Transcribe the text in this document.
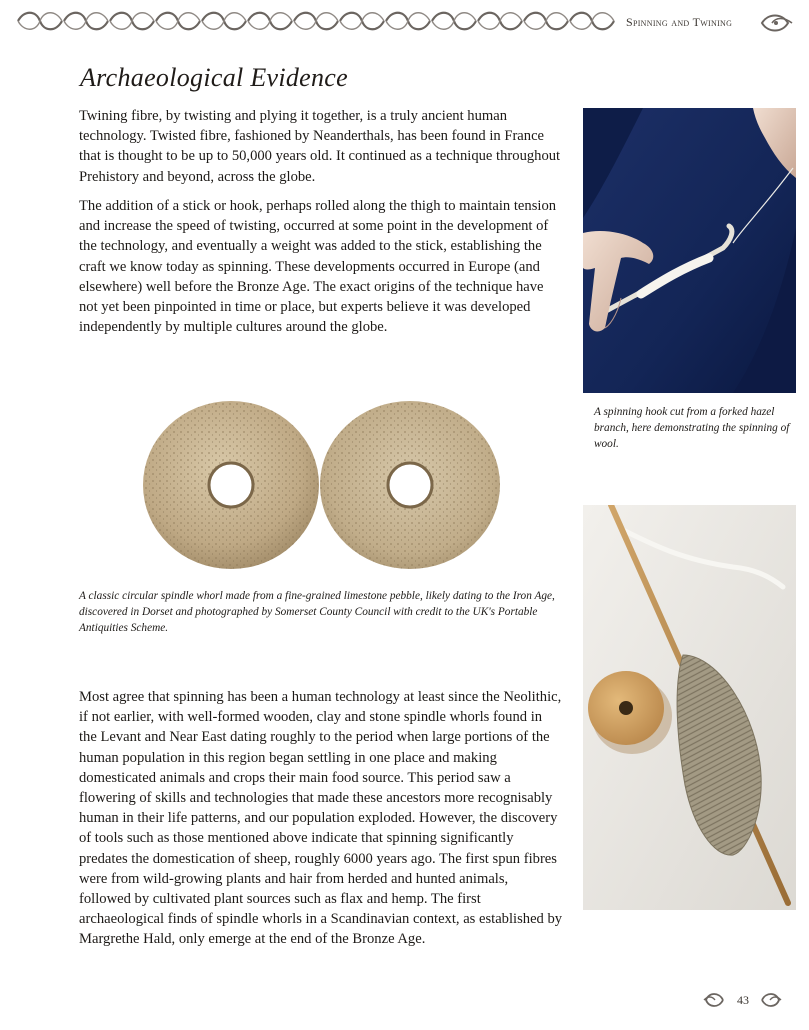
Spinning and Twining
Archaeological Evidence

Twining fibre, by twisting and plying it together, is a truly ancient human technology. Twisted fibre, fashioned by Neanderthals, has been found in France that is thought to be up to 50,000 years old. It continued as a technique throughout Prehistory and beyond, across the globe.

The addition of a stick or hook, perhaps rolled along the thigh to maintain tension and increase the speed of twisting, occurred at some point in the development of the technology, and eventually a weight was added to the stick, establishing the craft we know today as spinning. These developments occurred in Europe (and elsewhere) well before the Bronze Age. The exact origins of the technique have not yet been pinpointed in time or place, but experts believe it was developed independently by multiple cultures around the globe.

Most agree that spinning has been a human technology at least since the Neolithic, if not earlier, with well-formed wooden, clay and stone spindle whorls found in the Levant and Near East dating roughly to the period when large portions of the human population in this region began settling in one place and making domesticated animals and crops their main food source. This period saw a flowering of skills and technologies that made these ancestors more recognisably human in their life patterns, and our population exploded. However, the discovery of tools such as those mentioned above indicate that spinning significantly predates the domestication of sheep, roughly 6000 years ago. The first spun fibres were from wild-growing plants and hair from herded and hunted animals, followed by cultivated plant sources such as flax and hemp. The first archaeological finds of spindle whorls in a Scandinavian context, as established by Margrethe Hald, only emerge at the end of the Bronze Age.

A spinning hook cut from a forked hazel branch, here demonstrating the spinning of wool.

A classic circular spindle whorl made from a fine-grained limestone pebble, likely dating to the Iron Age, discovered in Dorset and photographed by Somerset County Council with credit to the UK's Portable Antiquities Scheme.

43
